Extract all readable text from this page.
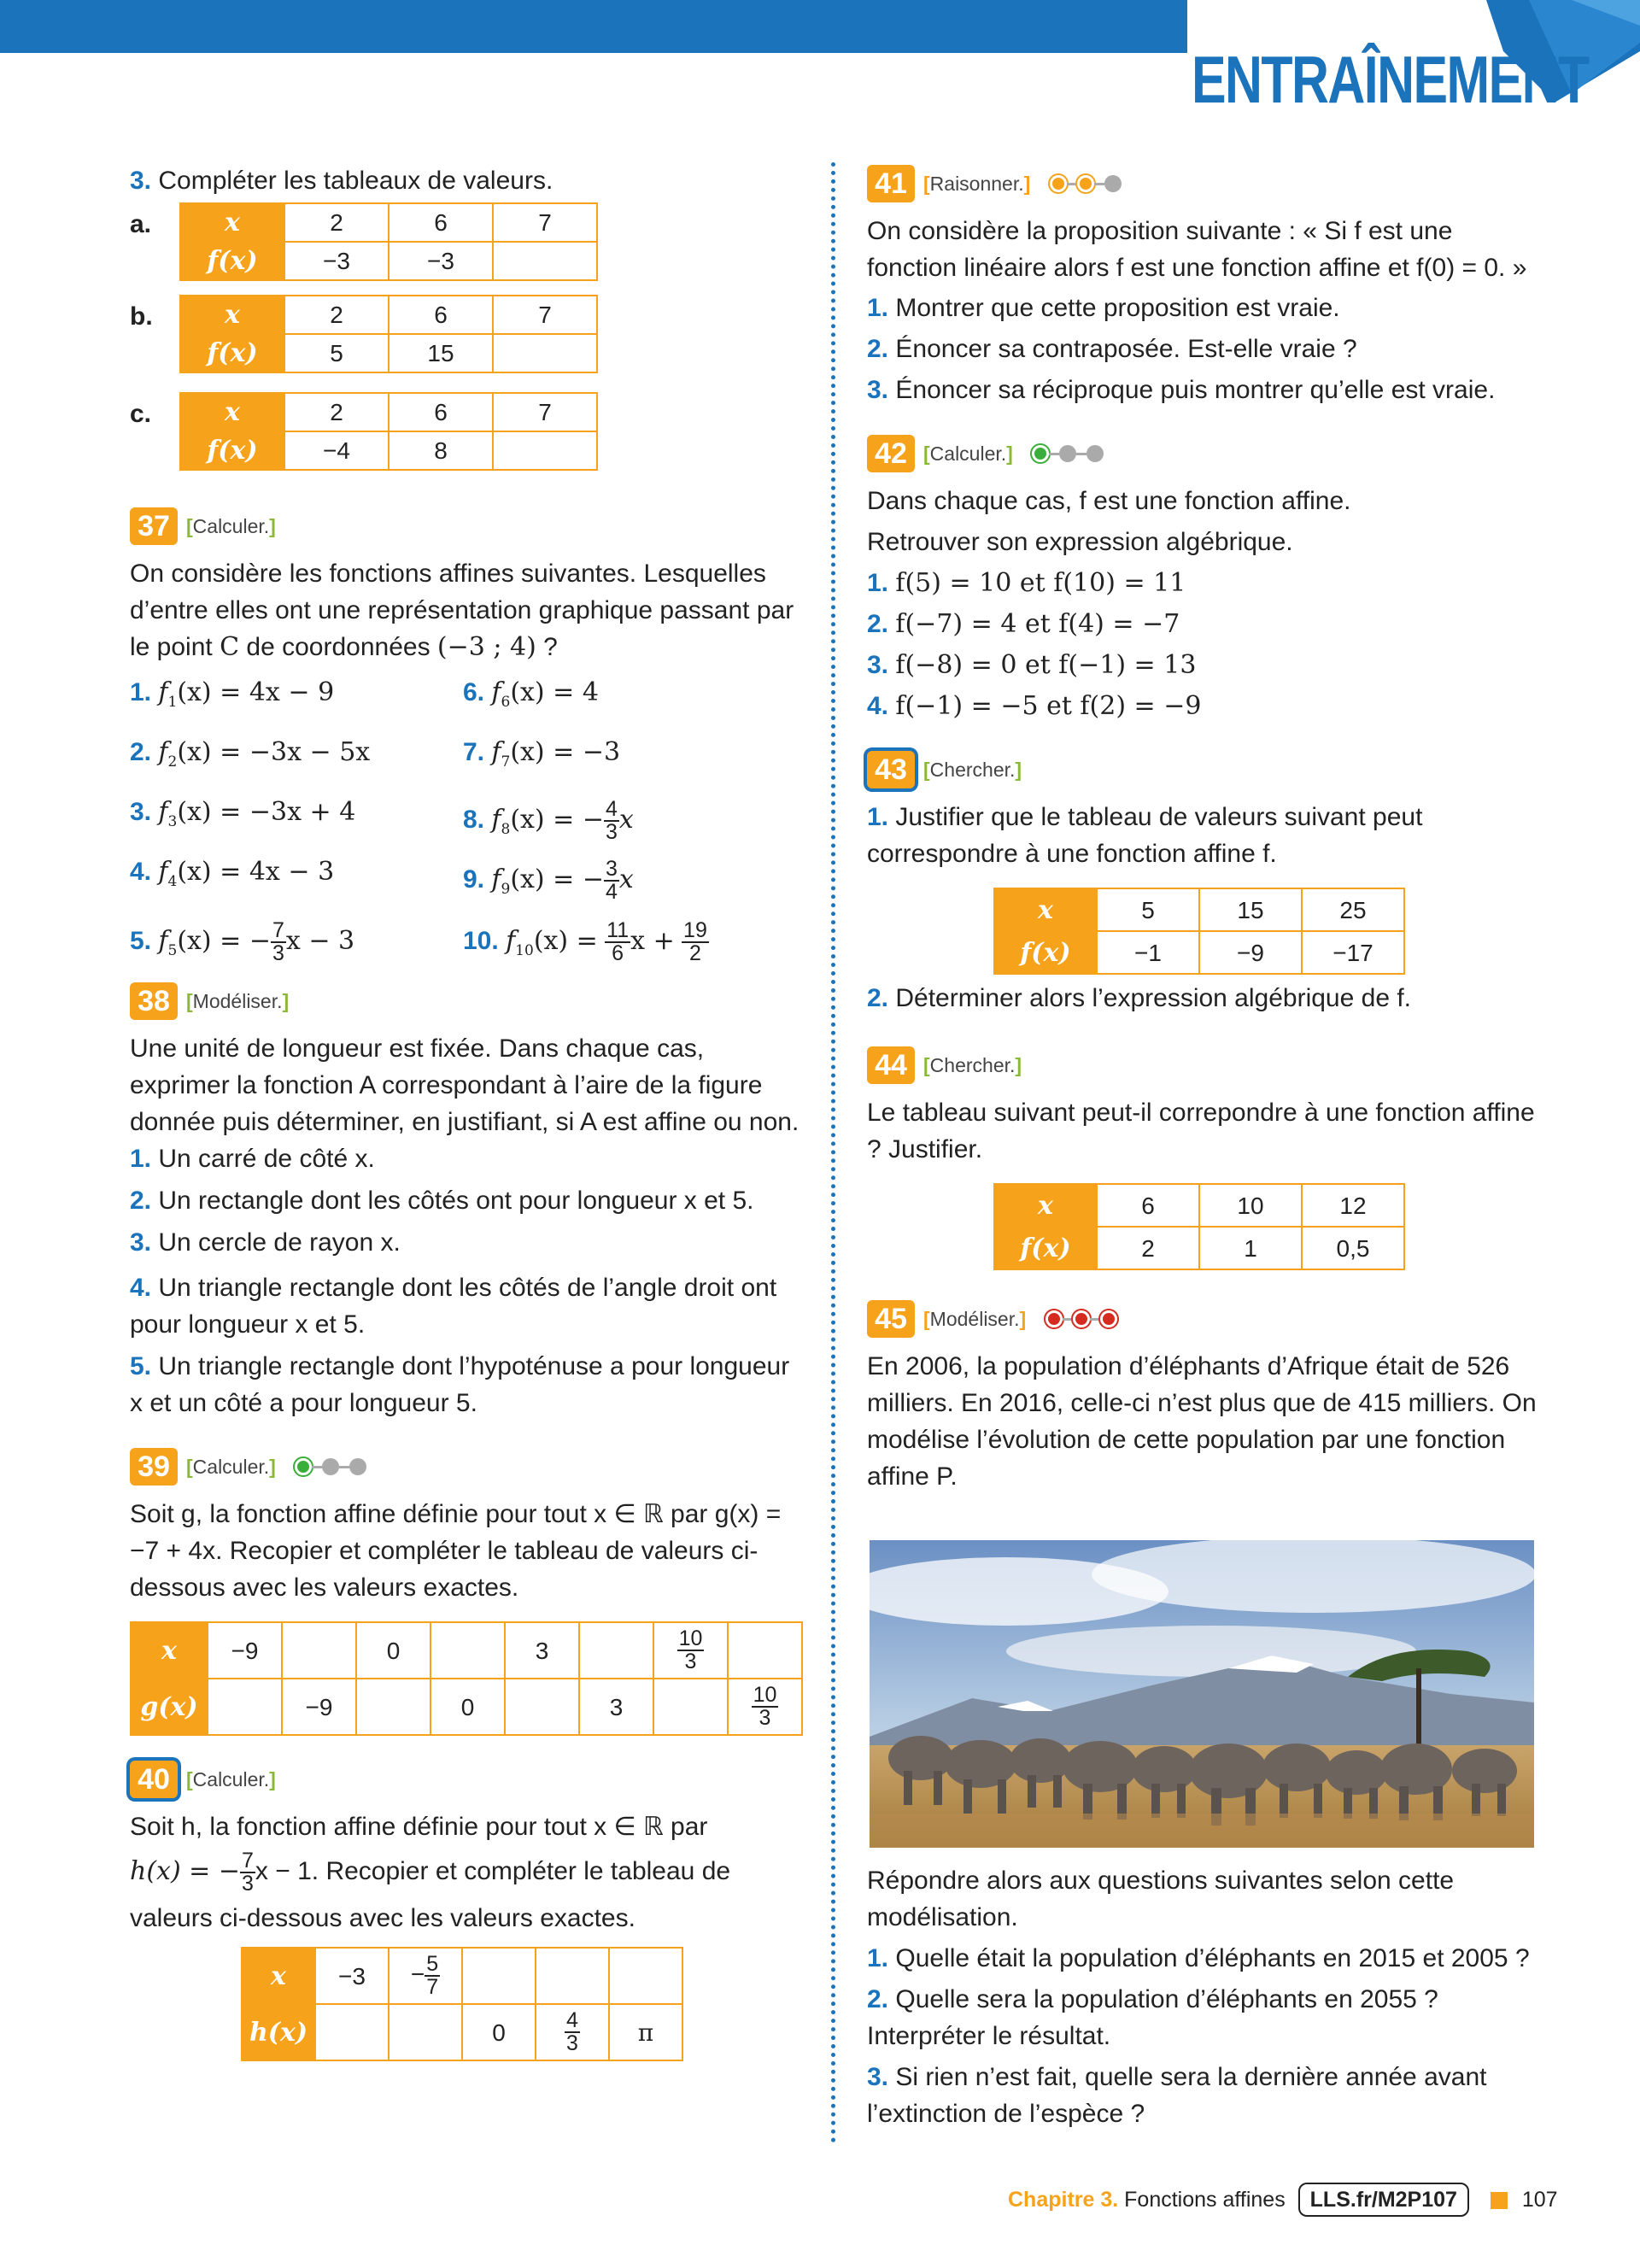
ENTRAÎNEMENT
3. Compléter les tableaux de valeurs.
a.	x	2	6	7
f(x)	−3	−3	
b.	x	2	6	7
f(x)	5	15	
c.	x	2	6	7
f(x)	−4	8	
37 [Calculer.]
On considère les fonctions affines suivantes. Lesquelles d’entre elles ont une représentation graphique passant par le point C de coordonnées (−3 ; 4) ?
1. $f_1(x) = 4x - 9$
2. $f_2(x) = -3x - 5x$
3. $f_3(x) = -3x + 4$
4. $f_4(x) = 4x - 3$
5. $f_5(x)$ = − $\frac{7}{3}$ x − 3
6. $f_6(x) = 4$
7. $f_7(x) = -3$
8. $f_8(x)$ = − $\frac{4}{3}$ x
9. $f_9(x)$ = − $\frac{3}{4}$ x
10. $f_{10}(x) = \frac{11}{6}$ $x + \frac{19}{2}$
38 [Modéliser.]
Une unité de longueur est fixée. Dans chaque cas, exprimer la fonction A correspondant à l’aire de la figure donnée puis déterminer, en justifiant, si A est affine ou non.
1. Un carré de côté x.
2. Un rectangle dont les côtés ont pour longueur x et 5.
3. Un cercle de rayon x.
4. Un triangle rectangle dont les côtés de l’angle droit ont pour longueur x et 5.
5. Un triangle rectangle dont l’hypoténuse a pour longueur x et un côté a pour longueur 5.
39 [Calculer.]
Soit g, la fonction affine définie pour tout x ∈ ℝ par g(x) = −7 + 4x. Recopier et compléter le tableau de valeurs ci-dessous avec les valeurs exactes.
x	−9		0		3		$\frac{10}{3}$

g(x)		−9		0		3		$\frac{10}{3}$
40 [Calculer.]
Soit h, la fonction affine définie pour tout x ∈ ℝ par
h(x) = − $\frac{7}{3}$ x − 1. Recopier et compléter le tableau de
valeurs ci-dessous avec les valeurs exactes.
x	−3	− $\frac{5}{7}$

h(x)			0	$\frac{4}{3}$	π
41 [Raisonner.]
On considère la proposition suivante : « Si f est une fonction linéaire alors f est une fonction affine et f(0) = 0. »
1. Montrer que cette proposition est vraie.
2. Énoncer sa contraposée. Est-elle vraie ?
3. Énoncer sa réciproque puis montrer qu’elle est vraie.
42 [Calculer.]
Dans chaque cas, f est une fonction affine.
Retrouver son expression algébrique.
1. f(5) = 10 et f(10) = 11
2. f(−7) = 4 et f(4) = −7
3. f(−8) = 0 et f(−1) = 13
4. f(−1) = −5 et f(2) = −9
43 [Chercher.]
1. Justifier que le tableau de valeurs suivant peut correspondre à une fonction affine f.
x	5	15	25
f(x)	−1	−9	−17
2. Déterminer alors l’expression algébrique de f.
44 [Chercher.]
Le tableau suivant peut-il correpondre à une fonction affine ? Justifier.
x	6	10	12
f(x)	2	1	0,5
45 [Modéliser.]
En 2006, la population d’éléphants d’Afrique était de 526 milliers. En 2016, celle-ci n’est plus que de 415 milliers. On modélise l’évolution de cette population par une fonction affine P.
Répondre alors aux questions suivantes selon cette modélisation.
1. Quelle était la population d’éléphants en 2015 et 2005 ?
2. Quelle sera la population d’éléphants en 2055 ? Interpréter le résultat.
3. Si rien n’est fait, quelle sera la dernière année avant l’extinction de l’espèce ?
Chapitre 3. Fonctions affines LLS.fr/M2P107	107
